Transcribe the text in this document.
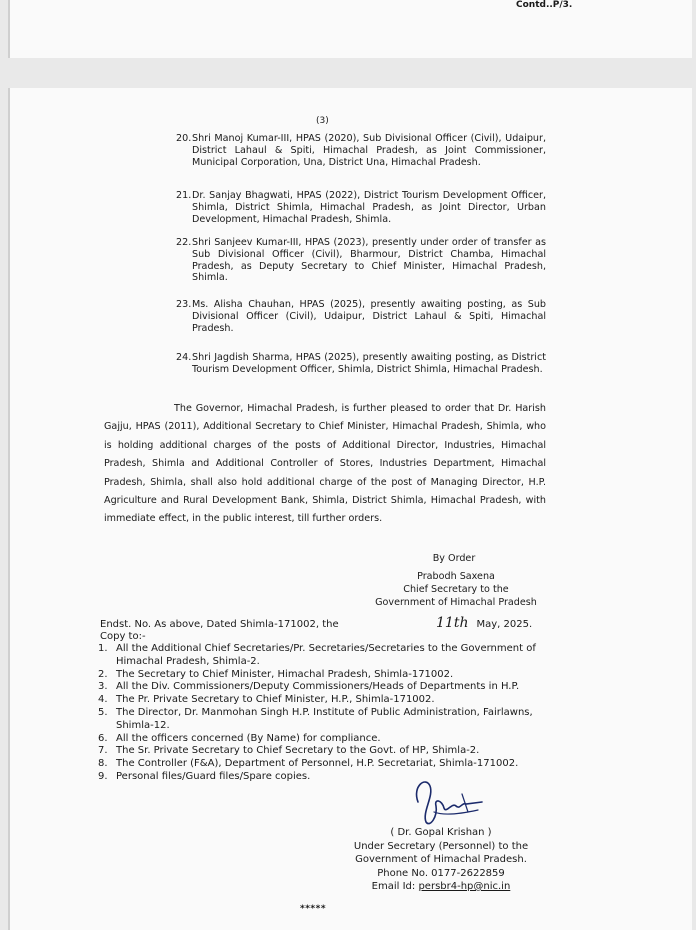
Contd..P/3.
(3)
20. Shri Manoj Kumar-III, HPAS (2020), Sub Divisional Officer (Civil), Udaipur, District Lahaul & Spiti, Himachal Pradesh, as Joint Commissioner, Municipal Corporation, Una, District Una, Himachal Pradesh.
21. Dr. Sanjay Bhagwati, HPAS (2022), District Tourism Development Officer, Shimla, District Shimla, Himachal Pradesh, as Joint Director, Urban Development, Himachal Pradesh, Shimla.
22. Shri Sanjeev Kumar-III, HPAS (2023), presently under order of transfer as Sub Divisional Officer (Civil), Bharmour, District Chamba, Himachal Pradesh, as Deputy Secretary to Chief Minister, Himachal Pradesh, Shimla.
23. Ms. Alisha Chauhan, HPAS (2025), presently awaiting posting, as Sub Divisional Officer (Civil), Udaipur, District Lahaul & Spiti, Himachal Pradesh.
24. Shri Jagdish Sharma, HPAS (2025), presently awaiting posting, as District Tourism Development Officer, Shimla, District Shimla, Himachal Pradesh.
The Governor, Himachal Pradesh, is further pleased to order that Dr. Harish Gajju, HPAS (2011), Additional Secretary to Chief Minister, Himachal Pradesh, Shimla, who is holding additional charges of the posts of Additional Director, Industries, Himachal Pradesh, Shimla and Additional Controller of Stores, Industries Department, Himachal Pradesh, Shimla, shall also hold additional charge of the post of Managing Director, H.P. Agriculture and Rural Development Bank, Shimla, District Shimla, Himachal Pradesh, with immediate effect, in the public interest, till further orders.
By Order
Prabodh Saxena
Chief Secretary to the
Government of Himachal Pradesh
Endst. No. As above, Dated Shimla-171002, the
Copy to:-
11th May, 2025.
1. All the Additional Chief Secretaries/Pr. Secretaries/Secretaries to the Government of Himachal Pradesh, Shimla-2.
2. The Secretary to Chief Minister, Himachal Pradesh, Shimla-171002.
3. All the Div. Commissioners/Deputy Commissioners/Heads of Departments in H.P.
4. The Pr. Private Secretary to Chief Minister, H.P., Shimla-171002.
5. The Director, Dr. Manmohan Singh H.P. Institute of Public Administration, Fairlawns, Shimla-12.
6. All the officers concerned (By Name) for compliance.
7. The Sr. Private Secretary to Chief Secretary to the Govt. of HP, Shimla-2.
8. The Controller (F&A), Department of Personnel, H.P. Secretariat, Shimla-171002.
9. Personal files/Guard files/Spare copies.
( Dr. Gopal Krishan )
Under Secretary (Personnel) to the
Government of Himachal Pradesh.
Phone No. 0177-2622859
Email Id: persbr4-hp@nic.in
*****
